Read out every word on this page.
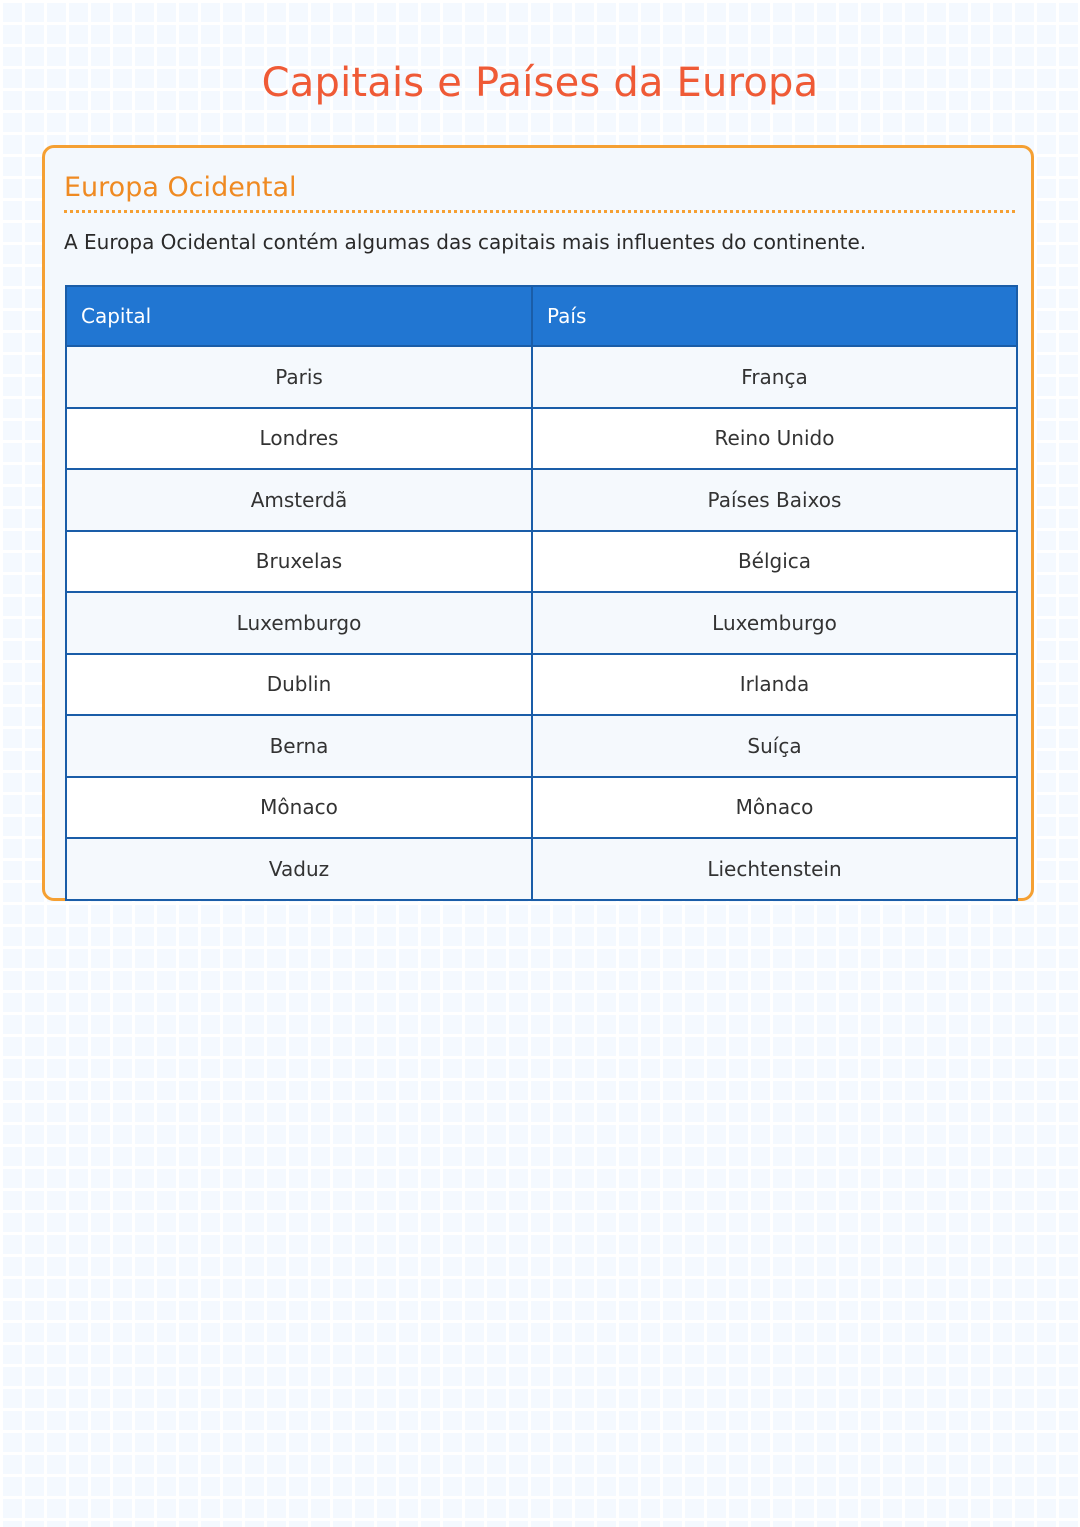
Capitais e Países da Europa
Europa Ocidental

A Europa Ocidental contém algumas das capitais mais influentes do continente.

Capital	País
Paris	França
Londres	Reino Unido
Amsterdã	Países Baixos
Bruxelas	Bélgica
Luxemburgo	Luxemburgo
Dublin	Irlanda
Berna	Suíça
Mônaco	Mônaco
Vaduz	Liechtenstein
